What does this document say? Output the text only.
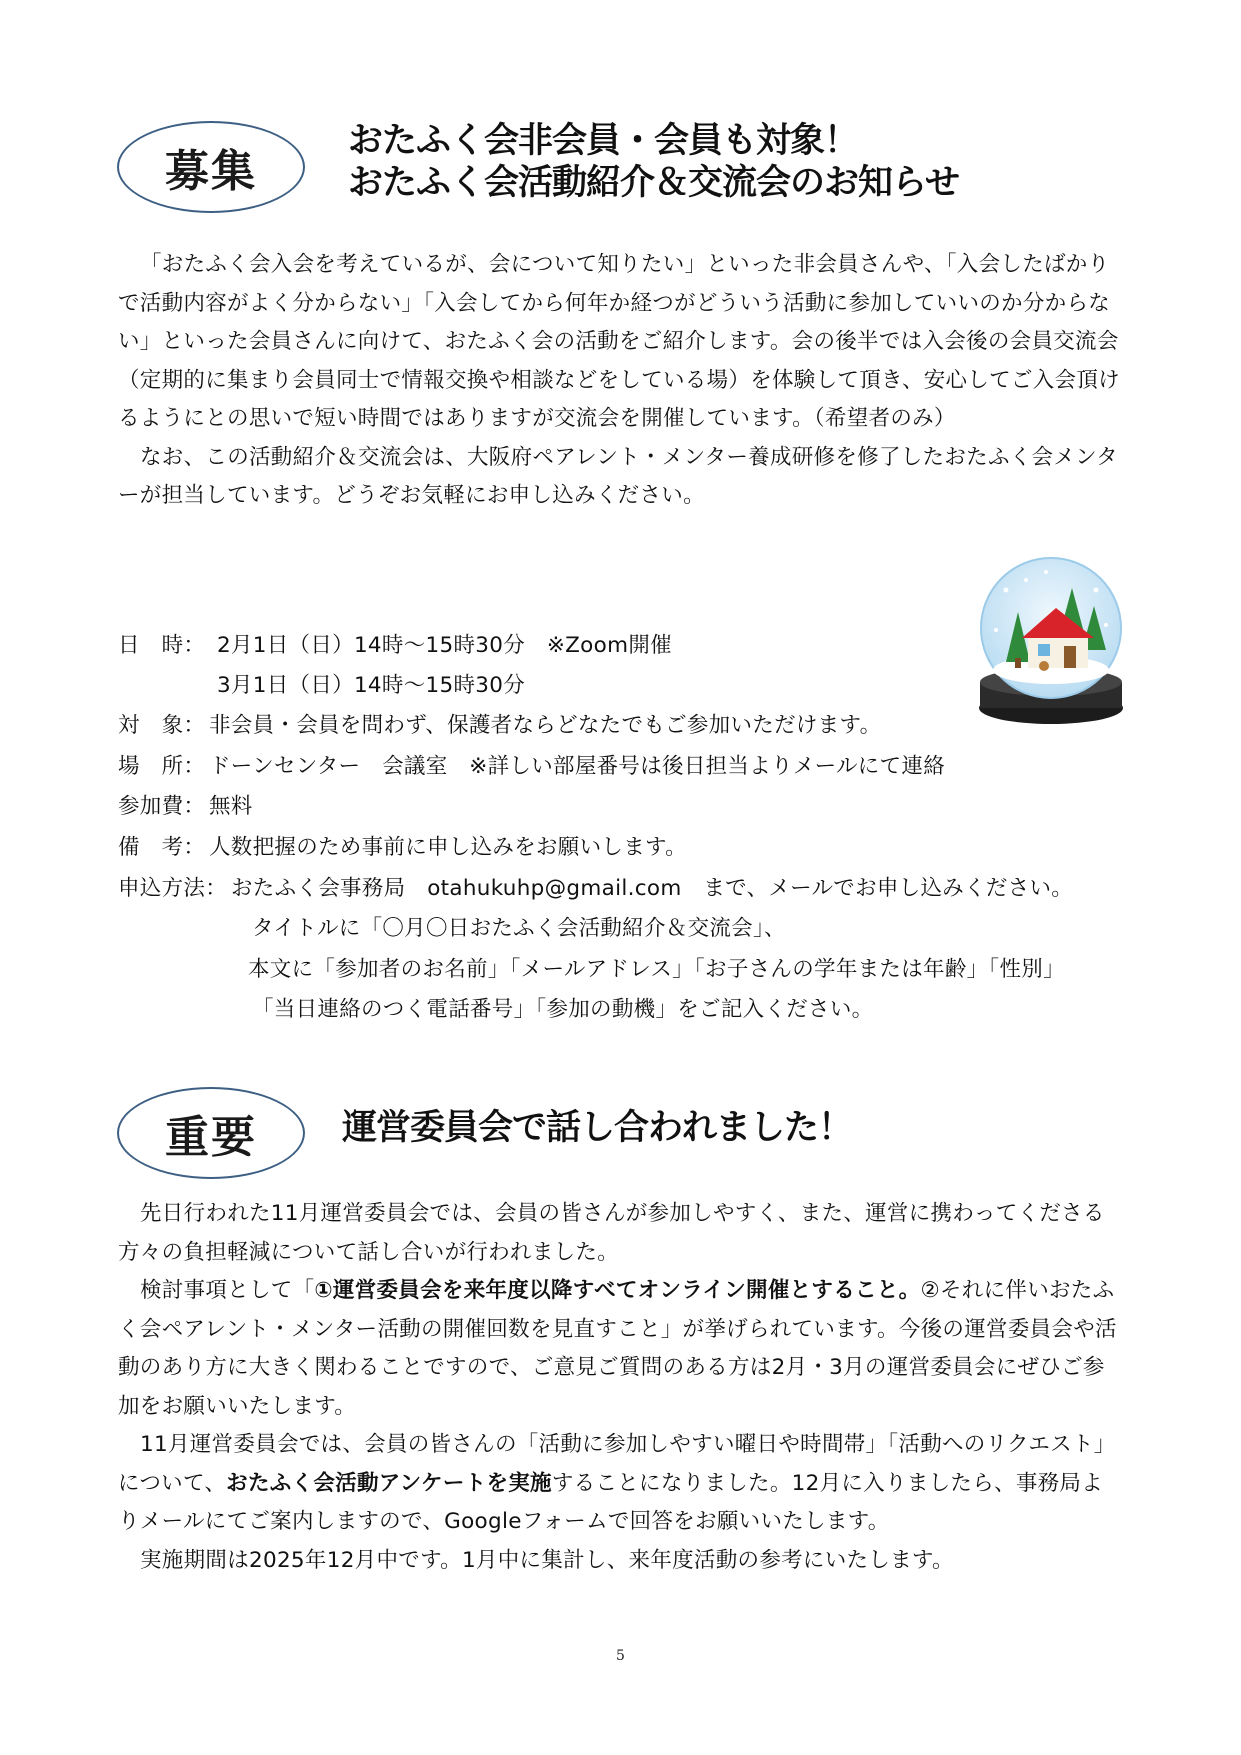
募集
おたふく会非会員・会員も対象！
おたふく会活動紹介＆交流会のお知らせ

「おたふく会入会を考えているが、会について知りたい」といった非会員さんや、「入会したばかりで活動内容がよく分からない」「入会してから何年か経つがどういう活動に参加していいのか分からない」といった会員さんに向けて、おたふく会の活動をご紹介します。会の後半では入会後の会員交流会（定期的に集まり会員同士で情報交換や相談などをしている場）を体験して頂き、安心してご入会頂けるようにとの思いで短い時間ではありますが交流会を開催しています。（希望者のみ）

なお、この活動紹介＆交流会は、大阪府ペアレント・メンター養成研修を修了したおたふく会メンターが担当しています。どうぞお気軽にお申し込みください。

日　時： 2月1日（日）14時～15時30分　※Zoom開催
3月1日（日）14時～15時30分
対　象： 非会員・会員を問わず、保護者ならどなたでもご参加いただけます。
場　所： ドーンセンター　会議室　※詳しい部屋番号は後日担当よりメールにて連絡
参加費： 無料
備　考： 人数把握のため事前に申し込みをお願いします。
申込方法： おたふく会事務局　otahukuhp@gmail.com　まで、メールでお申し込みください。
タイトルに「〇月〇日おたふく会活動紹介＆交流会」、
本文に「参加者のお名前」「メールアドレス」「お子さんの学年または年齢」「性別」
「当日連絡のつく電話番号」「参加の動機」をご記入ください。
重要 運営委員会で話し合われました！

先日行われた11月運営委員会では、会員の皆さんが参加しやすく、また、運営に携わってくださる方々の負担軽減について話し合いが行われました。

検討事項として「①運営委員会を来年度以降すべてオンライン開催とすること。②それに伴いおたふく会ペアレント・メンター活動の開催回数を見直すこと」が挙げられています。今後の運営委員会や活動のあり方に大きく関わることですので、ご意見ご質問のある方は2月・3月の運営委員会にぜひご参加をお願いいたします。

11月運営委員会では、会員の皆さんの「活動に参加しやすい曜日や時間帯」「活動へのリクエスト」について、おたふく会活動アンケートを実施することになりました。12月に入りましたら、事務局よりメールにてご案内しますので、Googleフォームで回答をお願いいたします。

実施期間は2025年12月中です。1月中に集計し、来年度活動の参考にいたします。

5
